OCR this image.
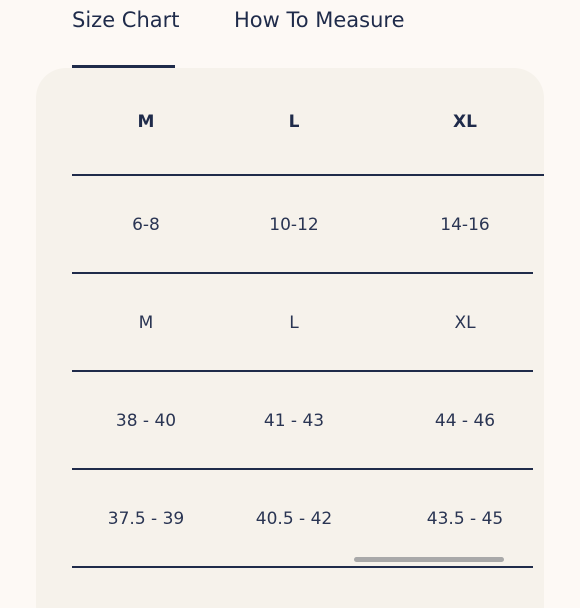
Size Chart	How To Measure
M	L	XL
6-8	10-12	14-16
M	L	XL
38 - 40	41 - 43	44 - 46
37.5 - 39	40.5 - 42	43.5 - 45
